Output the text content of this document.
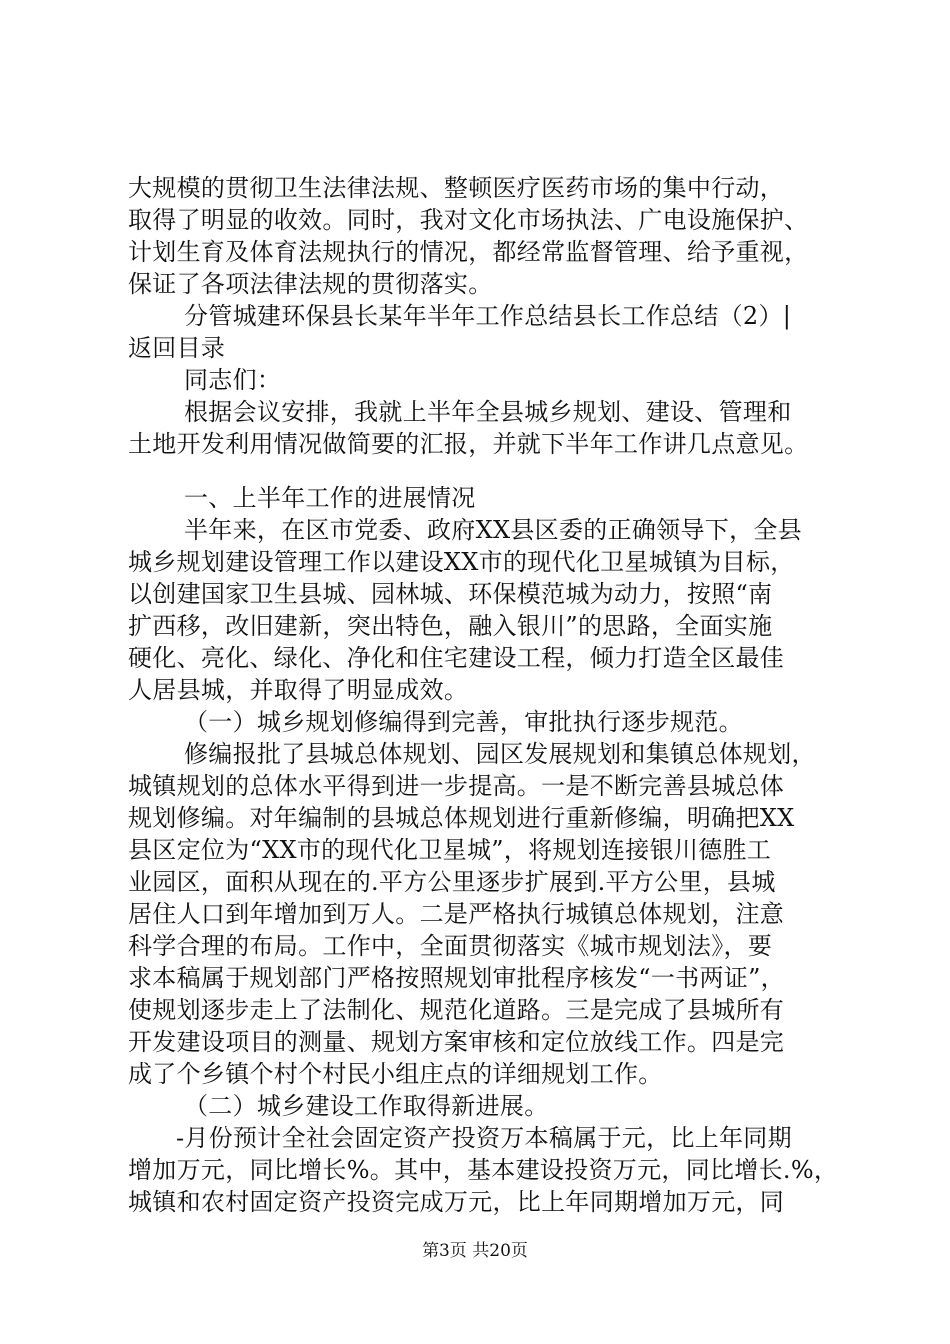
大规模的贯彻卫生法律法规、整顿医疗医药市场的集中行动，
取得了明显的收效。同时，我对文化市场执法、广电设施保护、
计划生育及体育法规执行的情况，都经常监督管理、给予重视，
保证了各项法律法规的贯彻落实。
分管城建环保县长某年半年工作总结县长工作总结（2）|
返回目录
同志们：
根据会议安排，我就上半年全县城乡规划、建设、管理和
土地开发利用情况做简要的汇报，并就下半年工作讲几点意见。
一、上半年工作的进展情况
半年来，在区市党委、政府XX县区委的正确领导下，全县
城乡规划建设管理工作以建设XX市的现代化卫星城镇为目标，
以创建国家卫生县城、园林城、环保模范城为动力，按照“南
扩西移，改旧建新，突出特色，融入银川”的思路，全面实施
硬化、亮化、绿化、净化和住宅建设工程，倾力打造全区最佳
人居县城，并取得了明显成效。
（一）城乡规划修编得到完善，审批执行逐步规范。
修编报批了县城总体规划、园区发展规划和集镇总体规划，
城镇规划的总体水平得到进一步提高。一是不断完善县城总体
规划修编。对年编制的县城总体规划进行重新修编，明确把XX
县区定位为“XX市的现代化卫星城”，将规划连接银川德胜工
业园区，面积从现在的.平方公里逐步扩展到.平方公里，县城
居住人口到年增加到万人。二是严格执行城镇总体规划，注意
科学合理的布局。工作中，全面贯彻落实《城市规划法》，要
求本稿属于规划部门严格按照规划审批程序核发“一书两证”，
使规划逐步走上了法制化、规范化道路。三是完成了县城所有
开发建设项目的测量、规划方案审核和定位放线工作。四是完
成了个乡镇个村个村民小组庄点的详细规划工作。
（二）城乡建设工作取得新进展。
-月份预计全社会固定资产投资万本稿属于元，比上年同期
增加万元，同比增长%。其中，基本建设投资万元，同比增长.%，
城镇和农村固定资产投资完成万元，比上年同期增加万元，同
第3页 共20页
